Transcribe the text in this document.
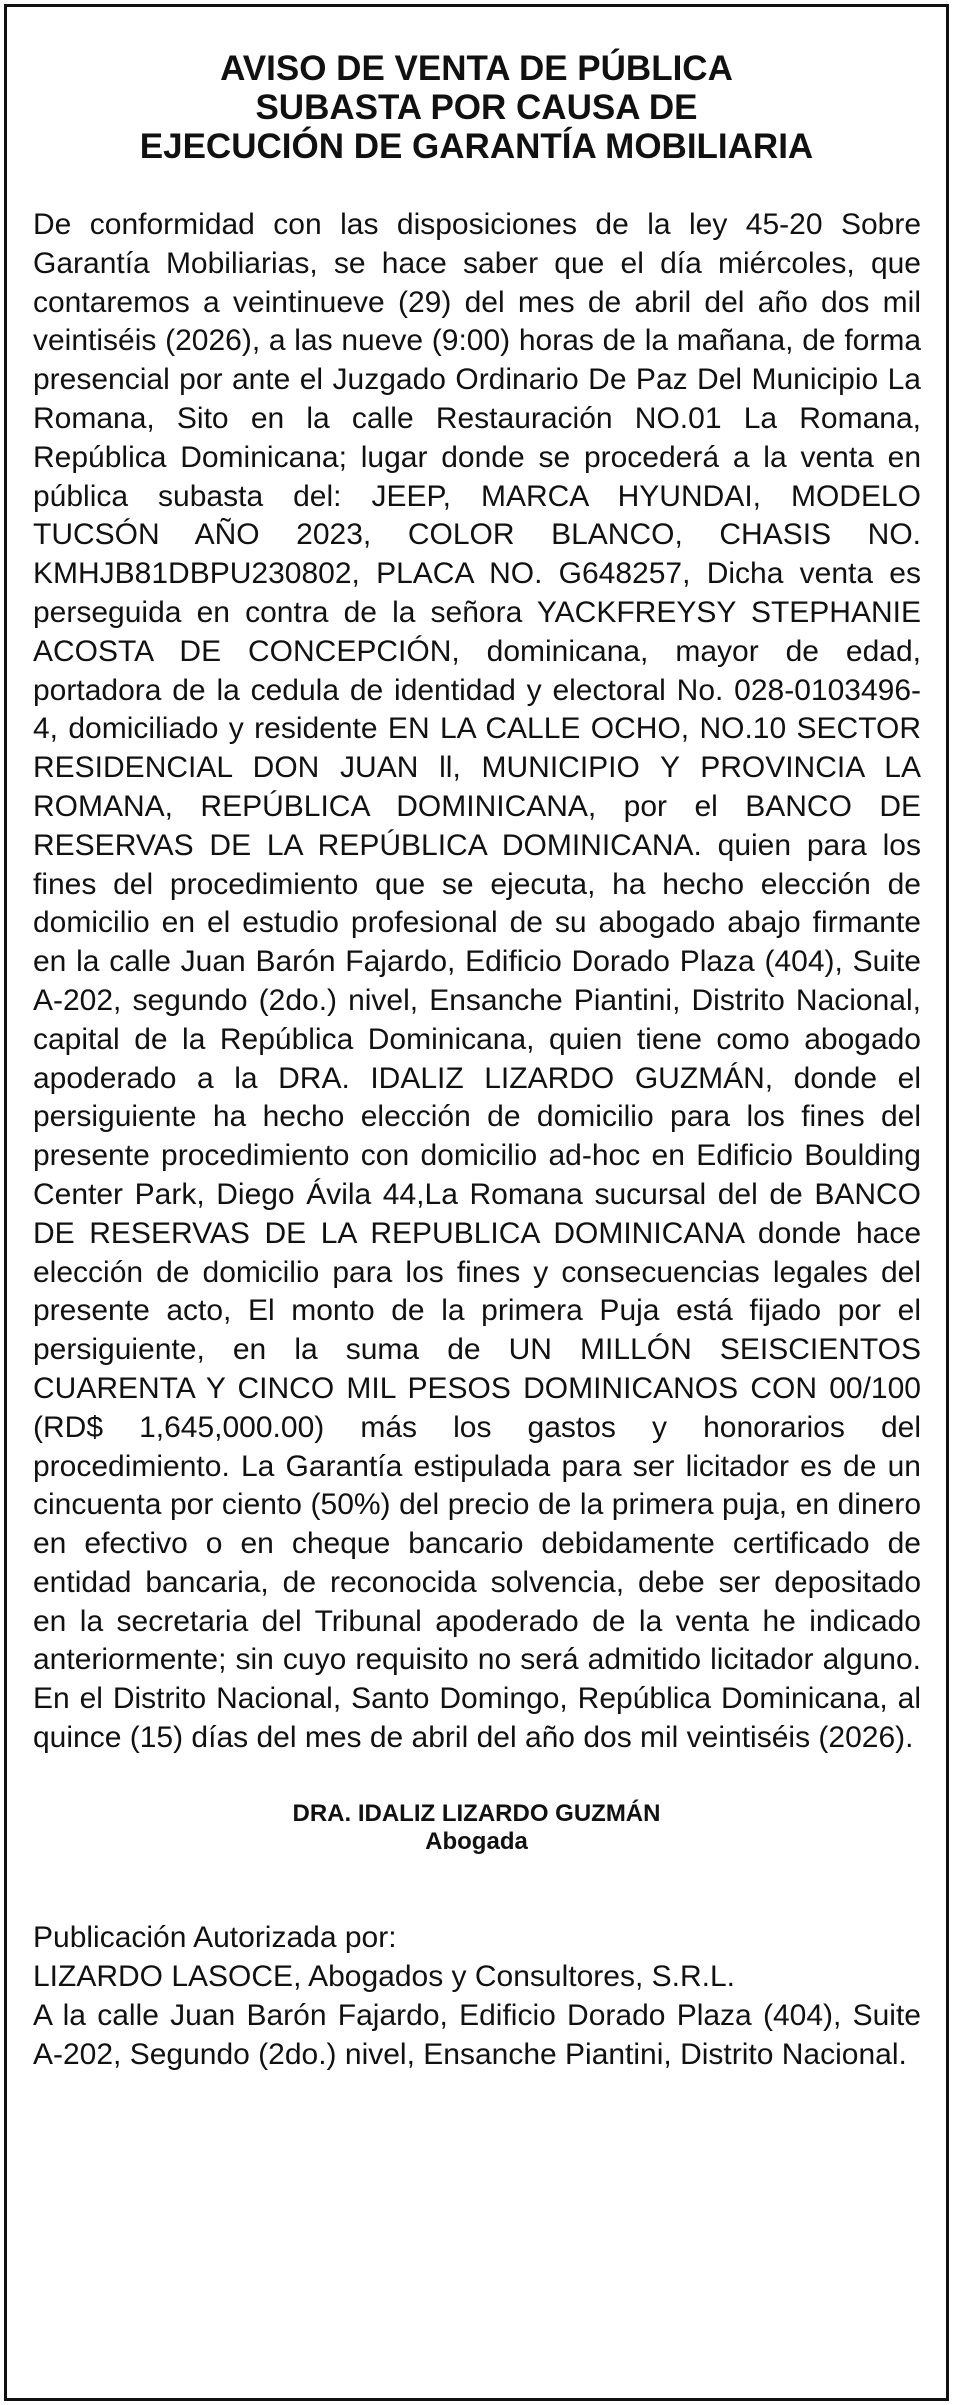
AVISO DE VENTA DE PÚBLICA
SUBASTA POR CAUSA DE
EJECUCIÓN DE GARANTÍA MOBILIARIA
De conformidad con las disposiciones de la ley 45-20 Sobre Garantía Mobiliarias, se hace saber que el día miércoles, que contaremos a veintinueve (29) del mes de abril del año dos mil veintiséis (2026), a las nueve (9:00) horas de la mañana, de forma presencial por ante el Juzgado Ordinario De Paz Del Municipio La Romana, Sito en la calle Restauración NO.01 La Romana, República Dominicana; lugar donde se procederá a la venta en pública subasta del: JEEP, MARCA HYUNDAI, MODELO TUCSÓN AÑO 2023, COLOR BLANCO, CHASIS NO. KMHJB81DBPU230802, PLACA NO. G648257, Dicha venta es perseguida en contra de la señora YACKFREYSY STEPHANIE ACOSTA DE CONCEPCIÓN, dominicana, mayor de edad, portadora de la cedula de identidad y electoral No. 028-0103496-4, domiciliado y residente EN LA CALLE OCHO, NO.10 SECTOR RESIDENCIAL DON JUAN ll, MUNICIPIO Y PROVINCIA LA ROMANA, REPÚBLICA DOMINICANA, por el BANCO DE RESERVAS DE LA REPÚBLICA DOMINICANA. quien para los fines del procedimiento que se ejecuta, ha hecho elección de domicilio en el estudio profesional de su abogado abajo firmante en la calle Juan Barón Fajardo, Edificio Dorado Plaza (404), Suite A-202, segundo (2do.) nivel, Ensanche Piantini, Distrito Nacional, capital de la República Dominicana, quien tiene como abogado apoderado a la DRA. IDALIZ LIZARDO GUZMÁN, donde el persiguiente ha hecho elección de domicilio para los fines del presente procedimiento con domicilio ad-hoc en Edificio Boulding Center Park, Diego Ávila 44,La Romana sucursal del de BANCO DE RESERVAS DE LA REPUBLICA DOMINICANA donde hace elección de domicilio para los fines y consecuencias legales del presente acto, El monto de la primera Puja está fijado por el persiguiente, en la suma de UN MILLÓN SEISCIENTOS CUARENTA Y CINCO MIL PESOS DOMINICANOS CON 00/100 (RD$ 1,645,000.00) más los gastos y honorarios del procedimiento. La Garantía estipulada para ser licitador es de un cincuenta por ciento (50%) del precio de la primera puja, en dinero en efectivo o en cheque bancario debidamente certificado de entidad bancaria, de reconocida solvencia, debe ser depositado en la secretaria del Tribunal apoderado de la venta he indicado anteriormente; sin cuyo requisito no será admitido licitador alguno. En el Distrito Nacional, Santo Domingo, República Dominicana, al quince (15) días del mes de abril del año dos mil veintiséis (2026).
DRA. IDALIZ LIZARDO GUZMÁN
Abogada
Publicación Autorizada por:
LIZARDO LASOCE, Abogados y Consultores, S.R.L.
A la calle Juan Barón Fajardo, Edificio Dorado Plaza (404), Suite A-202, Segundo (2do.) nivel, Ensanche Piantini, Distrito Nacional.
